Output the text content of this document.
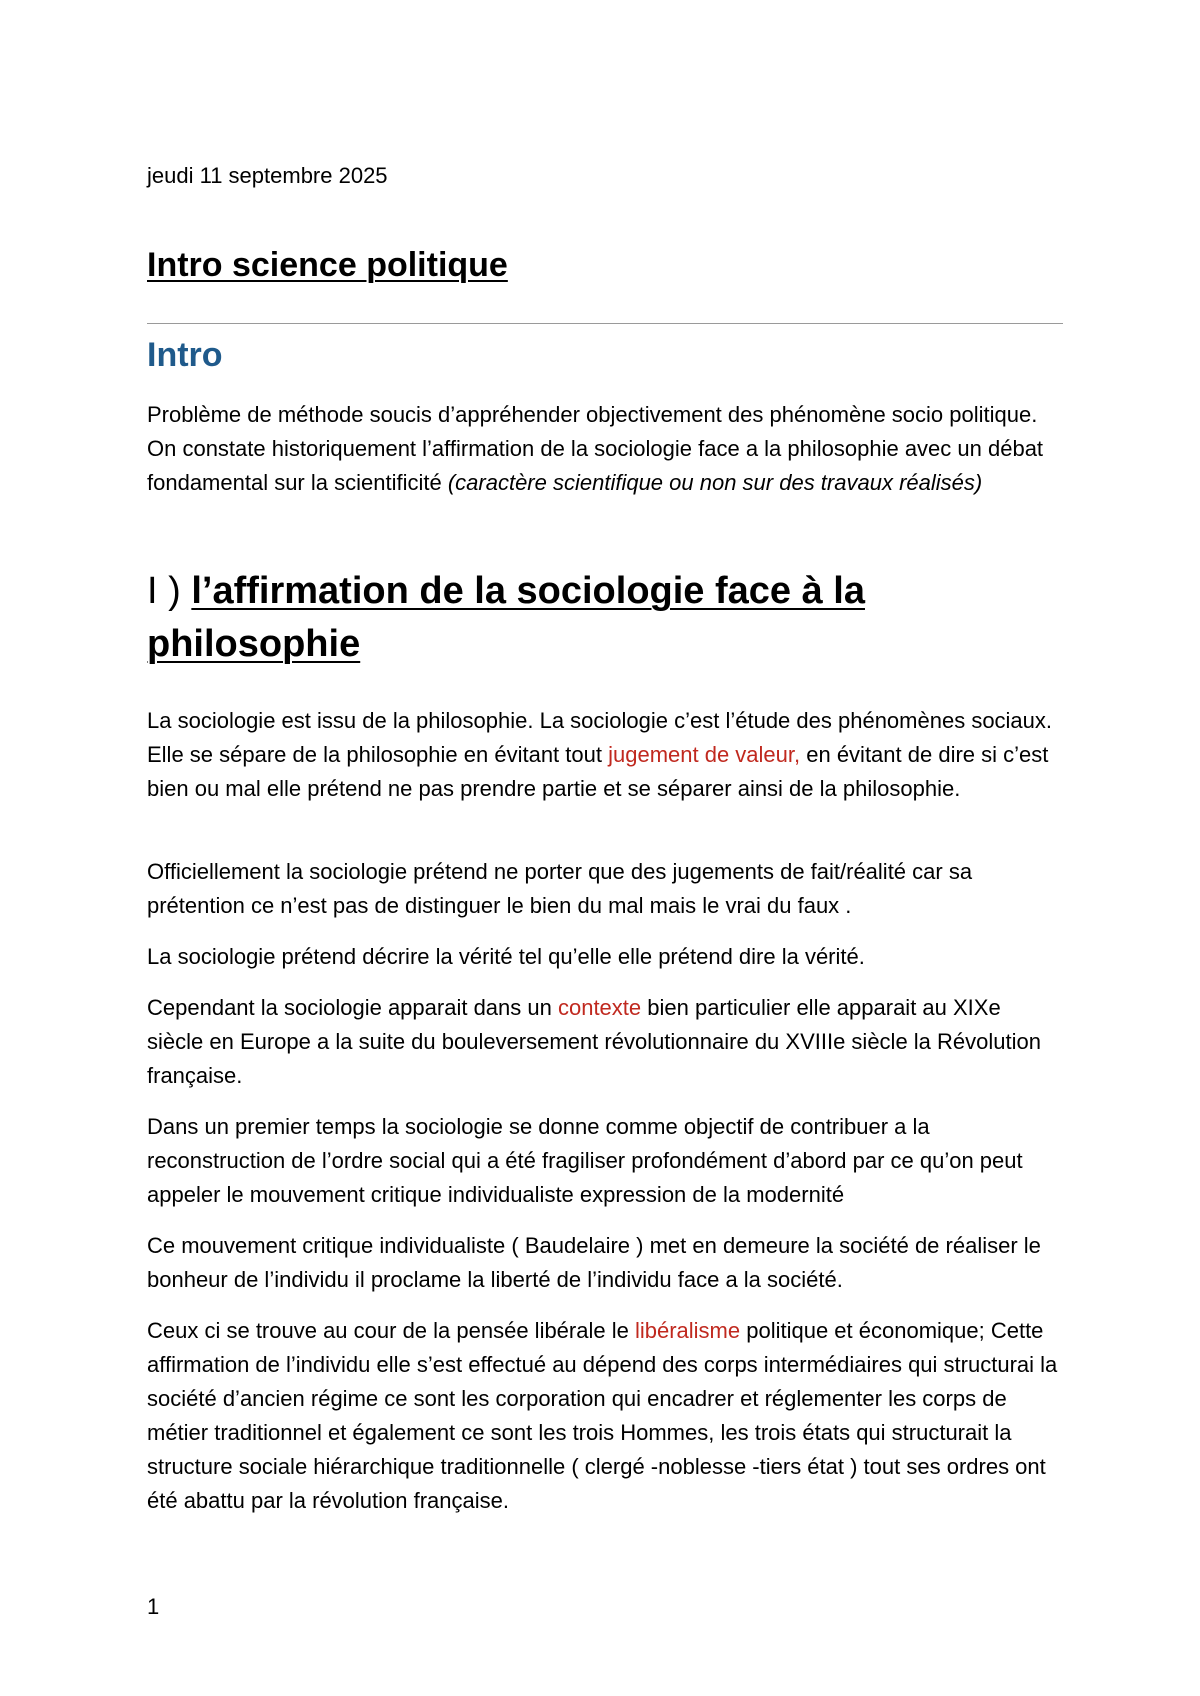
jeudi 11 septembre 2025
Intro science politique
Intro

Problème de méthode soucis d’appréhender objectivement des phénomène socio politique. On constate historiquement l’affirmation de la sociologie face a la philosophie avec un débat fondamental sur la scientificité (caractère scientifique ou non sur des travaux réalisés)

I ) l’affirmation de la sociologie face à la philosophie

La sociologie est issu de la philosophie. La sociologie c’est l’étude des phénomènes sociaux. Elle se sépare de la philosophie en évitant tout jugement de valeur, en évitant de dire si c’est bien ou mal elle prétend ne pas prendre partie et se séparer ainsi de la philosophie.

Officiellement la sociologie prétend ne porter que des jugements de fait/réalité car sa prétention ce n’est pas de distinguer le bien du mal mais le vrai du faux .

La sociologie prétend décrire la vérité tel qu’elle elle prétend dire la vérité.

Cependant la sociologie apparait dans un contexte bien particulier elle apparait au XIXe siècle en Europe a la suite du bouleversement révolutionnaire du XVIIIe siècle la Révolution française.

Dans un premier temps la sociologie se donne comme objectif de contribuer a la reconstruction de l’ordre social qui a été fragiliser profondément d’abord par ce qu’on peut appeler le mouvement critique individualiste expression de la modernité

Ce mouvement critique individualiste ( Baudelaire ) met en demeure la société de réaliser le bonheur de l’individu il proclame la liberté de l’individu face a la société.

Ceux ci se trouve au cour de la pensée libérale le libéralisme politique et économique; Cette affirmation de l’individu elle s’est effectué au dépend des corps intermédiaires qui structurai la société d’ancien régime ce sont les corporation qui encadrer et réglementer les corps de métier traditionnel et également ce sont les trois Hommes, les trois états qui structurait la structure sociale hiérarchique traditionnelle ( clergé -noblesse -tiers état ) tout ses ordres ont été abattu par la révolution française.

1
